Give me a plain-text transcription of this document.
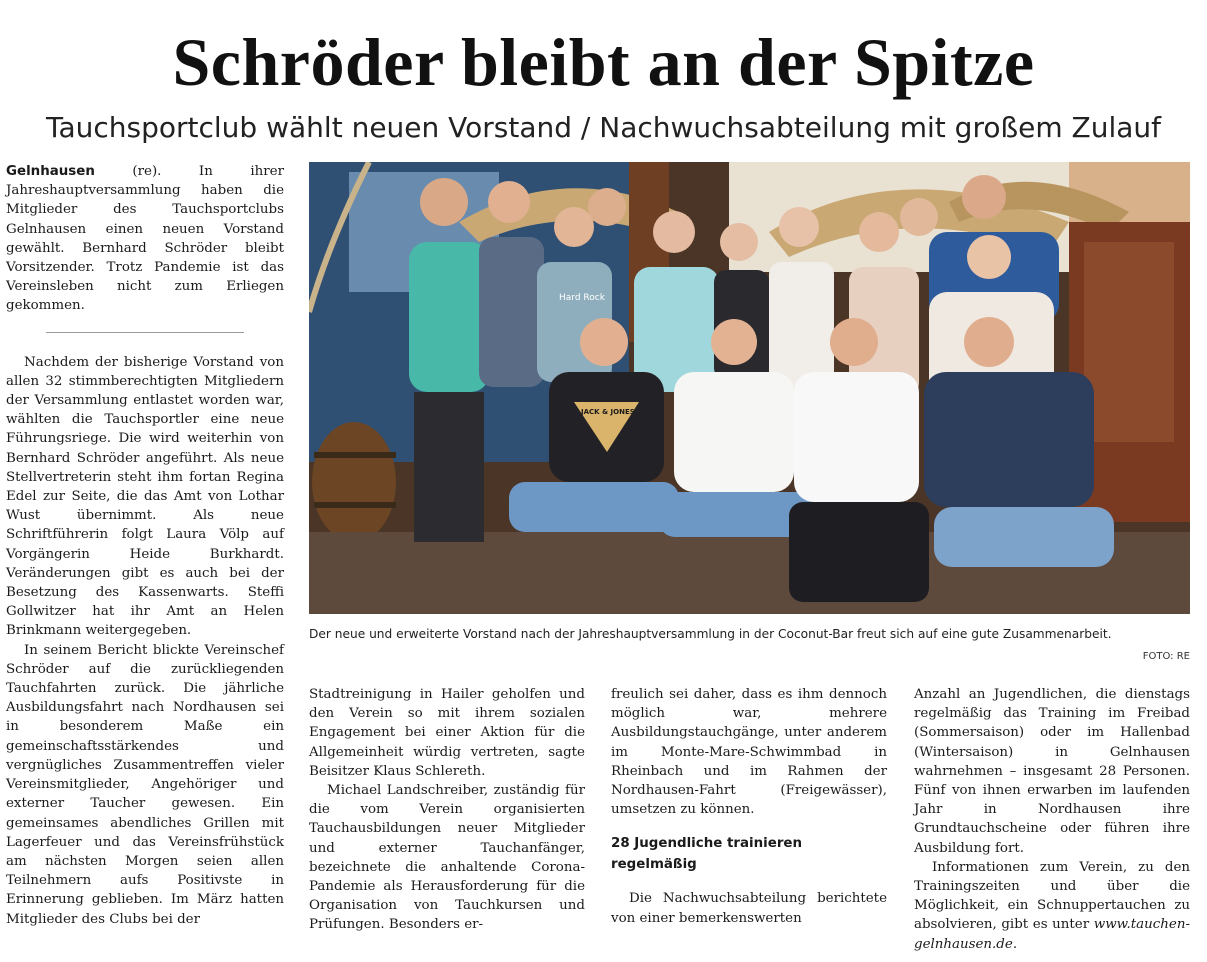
Schröder bleibt an der Spitze
Tauchsportclub wählt neuen Vorstand / Nachwuchsabteilung mit großem Zulauf

Gelnhausen (re). In ihrer Jahreshauptversammlung haben die Mitglieder des Tauchsportclubs Gelnhausen einen neuen Vorstand gewählt. Bernhard Schröder bleibt Vorsitzender. Trotz Pandemie ist das Vereinsleben nicht zum Erliegen gekommen.

Nachdem der bisherige Vorstand von allen 32 stimmberechtigten Mitgliedern der Versammlung entlastet worden war, wählten die Tauchsportler eine neue Führungsriege. Die wird weiterhin von Bernhard Schröder angeführt. Als neue Stellvertreterin steht ihm fortan Regina Edel zur Seite, die das Amt von Lothar Wust übernimmt. Als neue Schriftführerin folgt Laura Völp auf Vorgängerin Heide Burkhardt. Veränderungen gibt es auch bei der Besetzung des Kassenwarts. Steffi Gollwitzer hat ihr Amt an Helen Brinkmann weitergegeben.

In seinem Bericht blickte Vereinschef Schröder auf die zurückliegenden Tauchfahrten zurück. Die jährliche Ausbildungsfahrt nach Nordhausen sei in besonderem Maße ein gemeinschaftsstärkendes und vergnügliches Zusammentreffen vieler Vereinsmitglieder, Angehöriger und externer Taucher gewesen. Ein gemeinsames abendliches Grillen mit Lagerfeuer und das Vereinsfrühstück am nächsten Morgen seien allen Teilnehmern aufs Positivste in Erinnerung geblieben. Im März hatten Mitglieder des Clubs bei der

Hard Rock
JACK & JONES
Der neue und erweiterte Vorstand nach der Jahreshauptversammlung in der Coconut-Bar freut sich auf eine gute Zusammenarbeit.
FOTO: RE

Stadtreinigung in Hailer geholfen und den Verein so mit ihrem sozialen Engagement bei einer Aktion für die Allgemeinheit würdig vertreten, sagte Beisitzer Klaus Schlereth.

Michael Landschreiber, zuständig für die vom Verein organisierten Tauchausbildungen neuer Mitglieder und externer Tauchanfänger, bezeichnete die anhaltende Corona-Pandemie als Herausforderung für die Organisation von Tauchkursen und Prüfungen. Besonders er-

freulich sei daher, dass es ihm dennoch möglich war, mehrere Ausbildungstauchgänge, unter anderem im Monte-Mare-Schwimmbad in Rheinbach und im Rahmen der Nordhausen-Fahrt (Freigewässer), umsetzen zu können.

28 Jugendliche trainieren regelmäßig

Die Nachwuchsabteilung berichtete von einer bemerkenswerten

Anzahl an Jugendlichen, die dienstags regelmäßig das Training im Freibad (Sommersaison) oder im Hallenbad (Wintersaison) in Gelnhausen wahrnehmen – insgesamt 28 Personen. Fünf von ihnen erwarben im laufenden Jahr in Nordhausen ihre Grundtauchscheine oder führen ihre Ausbildung fort.

Informationen zum Verein, zu den Trainingszeiten und über die Möglichkeit, ein Schnuppertauchen zu absolvieren, gibt es unter www.tauchen-gelnhausen.de.
